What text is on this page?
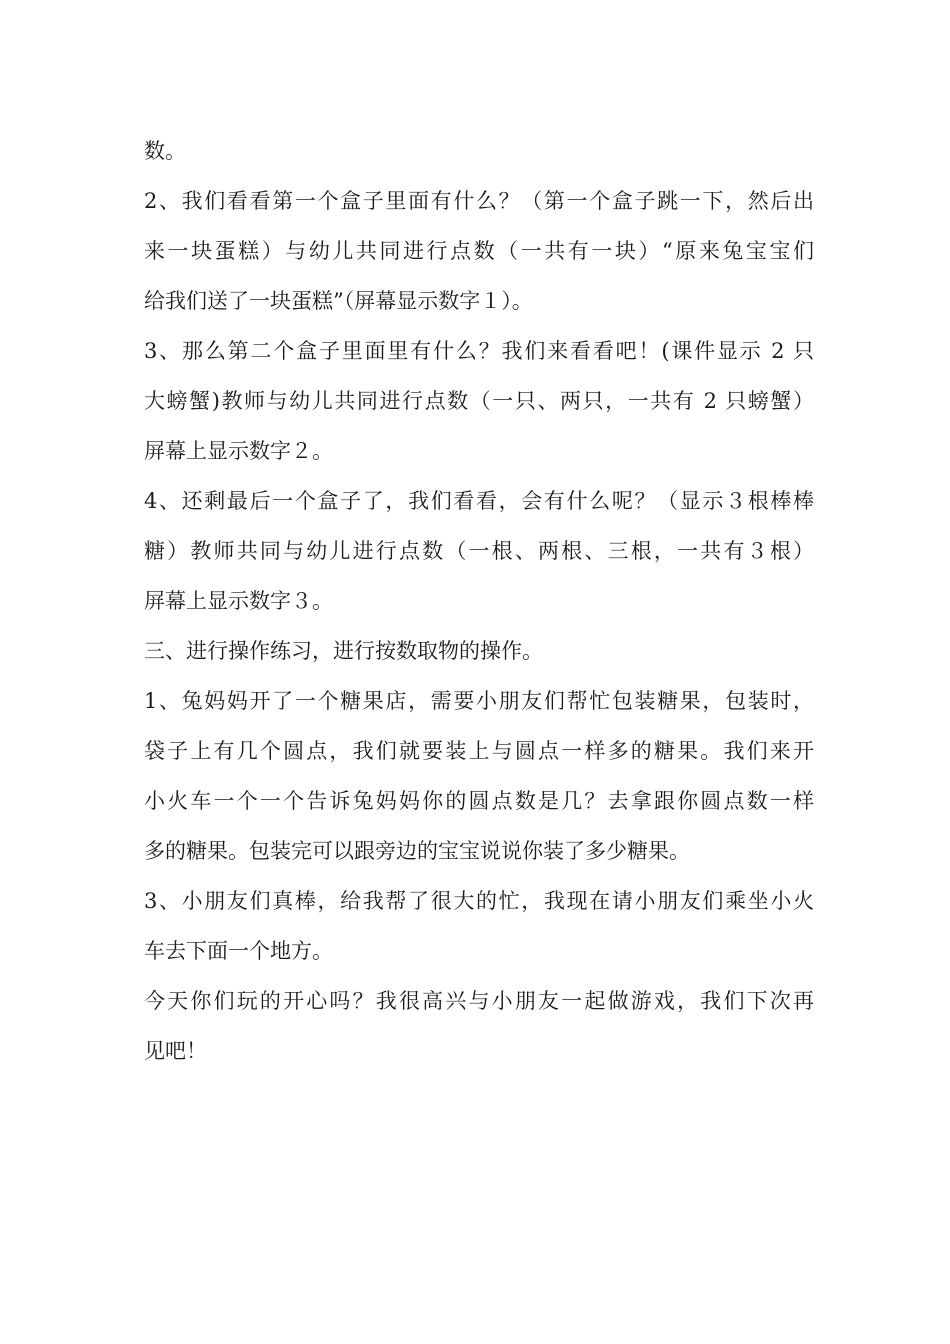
数。
2、我们看看第一个盒子里面有什么？（第一个盒子跳一下，然后出
来一块蛋糕）与幼儿共同进行点数（一共有一块）“原来兔宝宝们
给我们送了一块蛋糕”（屏幕显示数字１）。
3、那么第二个盒子里面里有什么？我们来看看吧！(课件显示 2 只
大螃蟹)教师与幼儿共同进行点数（一只、两只，一共有 2 只螃蟹）
屏幕上显示数字２。
4、还剩最后一个盒子了，我们看看，会有什么呢？（显示３根棒棒
糖）教师共同与幼儿进行点数（一根、两根、三根，一共有３根）
屏幕上显示数字３。
三、进行操作练习，进行按数取物的操作。
1、兔妈妈开了一个糖果店，需要小朋友们帮忙包装糖果，包装时，
袋子上有几个圆点，我们就要装上与圆点一样多的糖果。我们来开
小火车一个一个告诉兔妈妈你的圆点数是几？去拿跟你圆点数一样
多的糖果。包装完可以跟旁边的宝宝说说你装了多少糖果。
3、小朋友们真棒，给我帮了很大的忙，我现在请小朋友们乘坐小火
车去下面一个地方。
今天你们玩的开心吗？我很高兴与小朋友一起做游戏，我们下次再
见吧！
